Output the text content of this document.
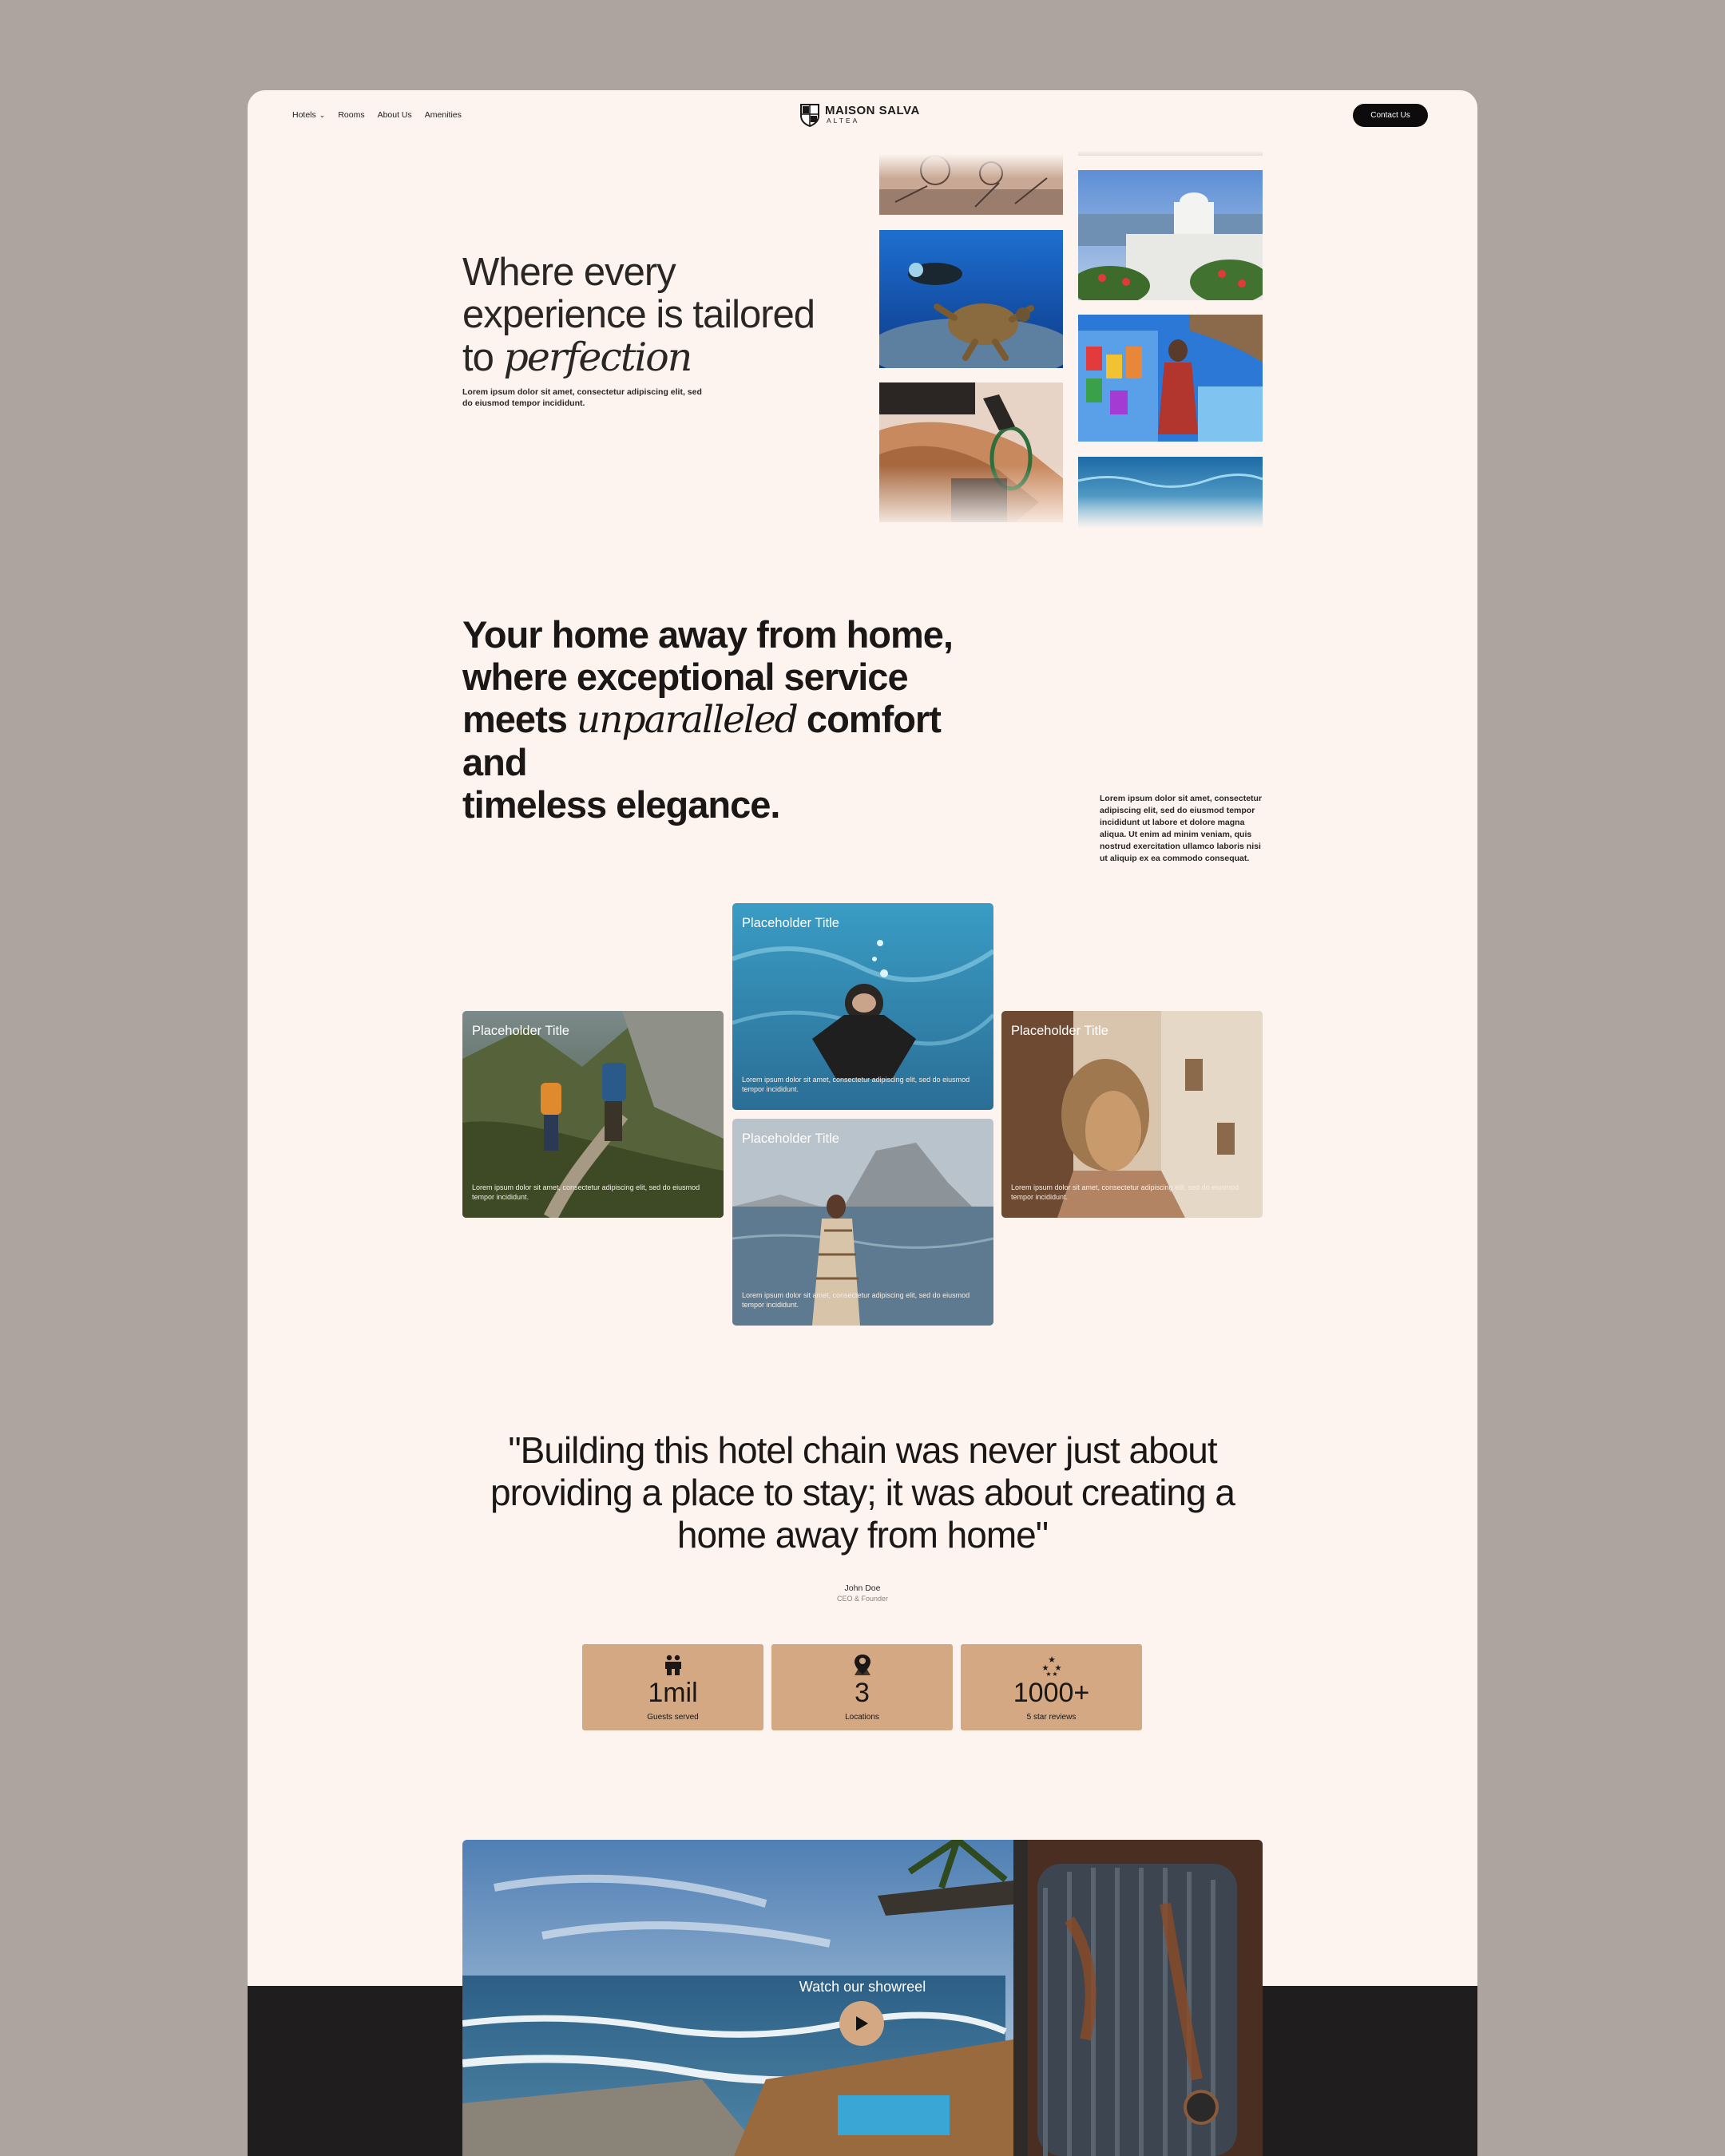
Hotels ⌄ Rooms About Us Amenities	MAISON SALVA
ALTEA
Contact Us
Where every
experience is tailored
to perfection

Lorem ipsum dolor sit amet, consectetur adipiscing elit, sed do eiusmod tempor incididunt.

Your home away from home,
where exceptional service
meets unparalleled comfort and
timeless elegance.	Lorem ipsum dolor sit amet, consectetur adipiscing elit, sed do eiusmod tempor incididunt ut labore et dolore magna aliqua. Ut enim ad minim veniam, quis nostrud exercitation ullamco laboris nisi ut aliquip ex ea commodo consequat.

Placeholder Title
Lorem ipsum dolor sit amet, consectetur adipiscing elit, sed do eiusmod tempor incididunt.
Placeholder Title
Lorem ipsum dolor sit amet, consectetur adipiscing elit, sed do eiusmod tempor incididunt.
Placeholder Title
Lorem ipsum dolor sit amet, consectetur adipiscing elit, sed do eiusmod tempor incididunt.
Placeholder Title
Lorem ipsum dolor sit amet, consectetur adipiscing elit, sed do eiusmod tempor incididunt.
"Building this hotel chain was never just about
providing a place to stay; it was about creating a
home away from home"
John Doe
CEO & Founder
1mil
Guests served
3
Locations
★
★ ★
★ ★
1000+
5 star reviews
Watch our showreel
